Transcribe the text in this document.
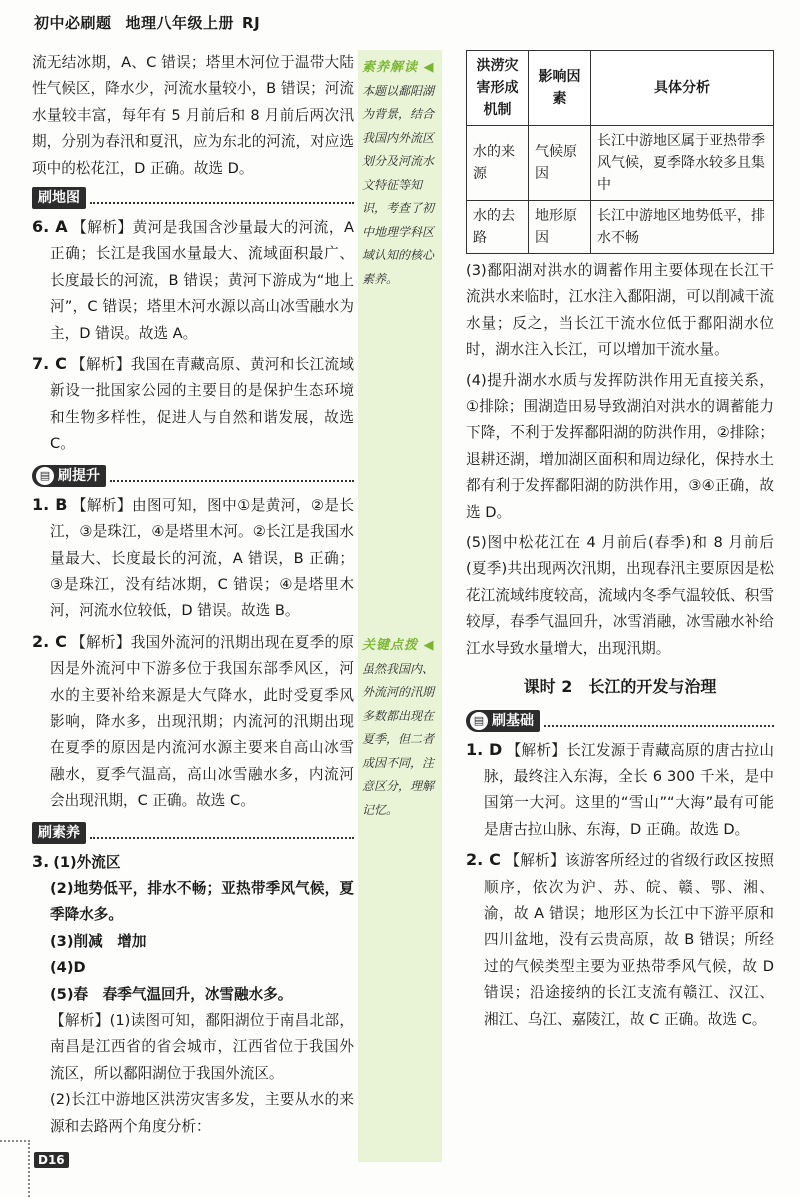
初中必刷题 地理八年级上册 RJ
素养解读 ◀
本题以鄱阳湖为背景，结合我国内外流区划分及河流水文特征等知识，考查了初中地理学科区域认知的核心素养。
关键点拨 ◀
虽然我国内、外流河的汛期多数都出现在夏季，但二者成因不同，注意区分，理解记忆。

流无结冰期，A、C 错误；塔里木河位于温带大陆性气候区，降水少，河流水量较小，B 错误；河流水量较丰富，每年有 5 月前后和 8 月前后两次汛期，分别为春汛和夏汛，应为东北的河流，对应选项中的松花江，D 正确。故选 D。

刷地图

6. A 【解析】黄河是我国含沙量最大的河流，A 正确；长江是我国水量最大、流域面积最广、长度最长的河流，B 错误；黄河下游成为“地上河”，C 错误；塔里木河水源以高山冰雪融水为主，D 错误。故选 A。

7. C 【解析】我国在青藏高原、黄河和长江流域新设一批国家公园的主要目的是保护生态环境和生物多样性，促进人与自然和谐发展，故选 C。

▤ 刷提升

1. B 【解析】由图可知，图中①是黄河，②是长江，③是珠江，④是塔里木河。②长江是我国水量最大、长度最长的河流，A 错误，B 正确；③是珠江，没有结冰期，C 错误；④是塔里木河，河流水位较低，D 错误。故选 B。

2. C 【解析】我国外流河的汛期出现在夏季的原因是外流河中下游多位于我国东部季风区，河水的主要补给来源是大气降水，此时受夏季风影响，降水多，出现汛期；内流河的汛期出现在夏季的原因是内流河水源主要来自高山冰雪融水，夏季气温高，高山冰雪融水多，内流河会出现汛期，C 正确。故选 C。

刷素养

3. (1)外流区

(2)地势低平，排水不畅；亚热带季风气候，夏季降水多。

(3)削减　增加

(4)D

(5)春　春季气温回升，冰雪融水多。

【解析】(1)读图可知，鄱阳湖位于南昌北部，南昌是江西省的省会城市，江西省位于我国外流区，所以鄱阳湖位于我国外流区。

(2)长江中游地区洪涝灾害多发，主要从水的来源和去路两个角度分析：

洪涝灾害形成机制	影响因素	具体分析
水的来源	气候原因	长江中游地区属于亚热带季风气候，夏季降水较多且集中
水的去路	地形原因	长江中游地区地势低平，排水不畅

(3)鄱阳湖对洪水的调蓄作用主要体现在长江干流洪水来临时，江水注入鄱阳湖，可以削减干流水量；反之，当长江干流水位低于鄱阳湖水位时，湖水注入长江，可以增加干流水量。

(4)提升湖水水质与发挥防洪作用无直接关系，①排除；围湖造田易导致湖泊对洪水的调蓄能力下降，不利于发挥鄱阳湖的防洪作用，②排除；退耕还湖，增加湖区面积和周边绿化，保持水土都有利于发挥鄱阳湖的防洪作用，③④正确，故选 D。

(5)图中松花江在 4 月前后(春季)和 8 月前后(夏季)共出现两次汛期，出现春汛主要原因是松花江流域纬度较高，流域内冬季气温较低、积雪较厚，春季气温回升，冰雪消融，冰雪融水补给江水导致水量增大，出现汛期。

课时 2　长江的开发与治理
▤ 刷基础

1. D 【解析】长江发源于青藏高原的唐古拉山脉，最终注入东海，全长 6 300 千米，是中国第一大河。这里的“雪山”“大海”最有可能是唐古拉山脉、东海，D 正确。故选 D。

2. C 【解析】该游客所经过的省级行政区按照顺序，依次为沪、苏、皖、赣、鄂、湘、渝，故 A 错误；地形区为长江中下游平原和四川盆地，没有云贵高原，故 B 错误；所经过的气候类型主要为亚热带季风气候，故 D 错误；沿途接纳的长江支流有赣江、汉江、湘江、乌江、嘉陵江，故 C 正确。故选 C。

D16
